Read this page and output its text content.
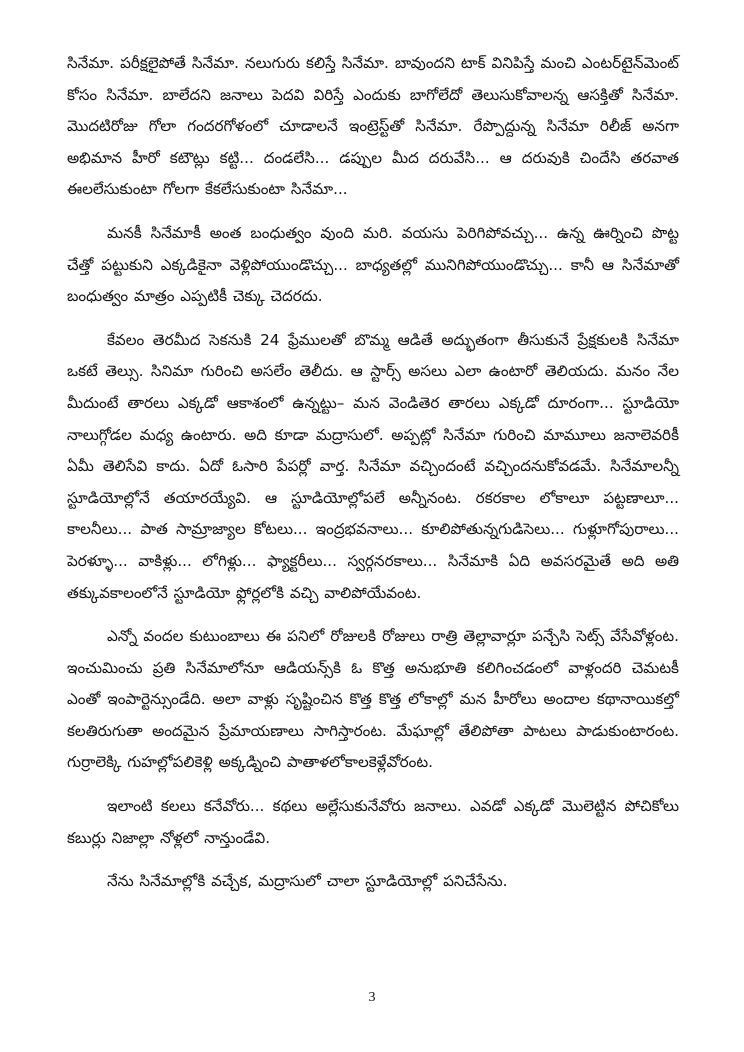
సినేమా. పరీక్షలైపోతే సినేమా. నలుగురు కలిస్తే సినేమా. బావుందని టాక్ వినిపిస్తే మంచి ఎంటర్‌టైన్‌మెంట్ కోసం సినేమా. బాలేదని జనాలు పెదవి విరిస్తే ఎందుకు బాగోలేదో తెలుసుకోవాలన్న ఆసక్తితో సినేమా. మొదటిరోజు గోలా గందరగోళంలో చూడాలనే ఇంట్రెస్ట్‌తో సినేమా. రేప్పొద్దున్న సినేమా రిలీజ్ అనగా అభిమాన హీరో కటౌట్లు కట్టి... దండలేసి... డప్పుల మీద దరువేసి... ఆ దరువుకి చిందేసి తరవాత ఈలలేసుకుంటా గోలగా కేకలేసుకుంటా సినేమా...

మనకీ సినేమాకీ అంత బంధుత్వం వుంది మరి. వయసు పెరిగిపోవచ్చు... ఉన్న ఊర్నించి పొట్ట చేత్తో పట్టుకుని ఎక్కడికైనా వెళ్లిపోయుండొచ్చు... బాధ్యతల్లో మునిగిపోయుండొచ్చు... కానీ ఆ సినేమాతో బంధుత్వం మాత్రం ఎప్పటికీ చెక్కు చెదరదు.

కేవలం తెరమీద సెకనుకి 24 ఫ్రేములతో బొమ్మ ఆడితే అద్భుతంగా తీసుకునే ప్రేక్షకులకి సినేమా ఒకటే తెల్సు. సినిమా గురించి అసలేం తెలీదు. ఆ స్టార్స్ అసలు ఎలా ఉంటారో తెలియదు. మనం నేల మీదుంటే తారలు ఎక్కడో ఆకాశంలో ఉన్నట్టు– మన వెండితెర తారలు ఎక్కడో దూరంగా... స్టూడియో నాలుగ్గోడల మధ్య ఉంటారు. అది కూడా మద్రాసులో. అప్పట్లో సినేమా గురించి మామూలు జనాలెవరికీ ఏమీ తెలిసేవి కాదు. ఏదో ఓసారి పేపర్లో వార్త. సినేమా వచ్చిందంటే వచ్చిందనుకోవడమే. సినేమాలన్నీ స్టూడియోల్లోనే తయారయ్యేవి. ఆ స్టూడియోల్లోపలే అన్నీనంట. రకరకాల లోకాలూ పట్టణాలూ... కాలనీలు... పాత సామ్రాజ్యాల కోటలు... ఇంద్రభవనాలు... కూలిపోతున్నగుడిసెలు... గుళ్లూగోపురాలు... పెరళ్ళూ... వాకిళ్లు... లోగిళ్లు... ఫ్యాక్టరీలు... స్వర్గనరకాలు... సినేమాకి ఏది అవసరమైతే అది అతి తక్కువకాలంలోనే స్టూడియో ఫ్లోర్లలోకి వచ్చి వాలిపోయేవంట.

ఎన్నో వందల కుటుంబాలు ఈ పనిలో రోజులకి రోజులు రాత్రి తెల్లావార్లూ పన్చేసి సెట్స్ వేసేవోళ్లంట. ఇంచుమించు ప్రతి సినేమాలోనూ ఆడియన్స్‌కి ఓ కొత్త అనుభూతి కలిగించడంలో వాళ్లందరి చెమటకీ ఎంతో ఇంపార్టెన్సుండేది. అలా వాళ్లు సృష్టించిన కొత్త కొత్త లోకాల్లో మన హీరోలు అందాల కథానాయికల్తో కలతిరుగుతా అందమైన ప్రేమాయణాలు సాగిస్తారంట. మేఘాల్లో తేలిపోతా పాటలు పాడుకుంటారంట. గుర్రాలెక్కి గుహల్లోపలికెళ్లి అక్కడ్నించి పాతాళలోకాలకెళ్లేవోరంట.

ఇలాంటి కలలు కనేవోరు... కథలు అల్లేసుకునేవోరు జనాలు. ఎవడో ఎక్కడో మొలెట్టిన పోచికోలు కబుర్లు నిజాల్లా నోళ్లలో నాన్తుండేవి.

నేను సినేమాల్లోకి వచ్చేక, మద్రాసులో చాలా స్టూడియోల్లో పనిచేసేను.

3
